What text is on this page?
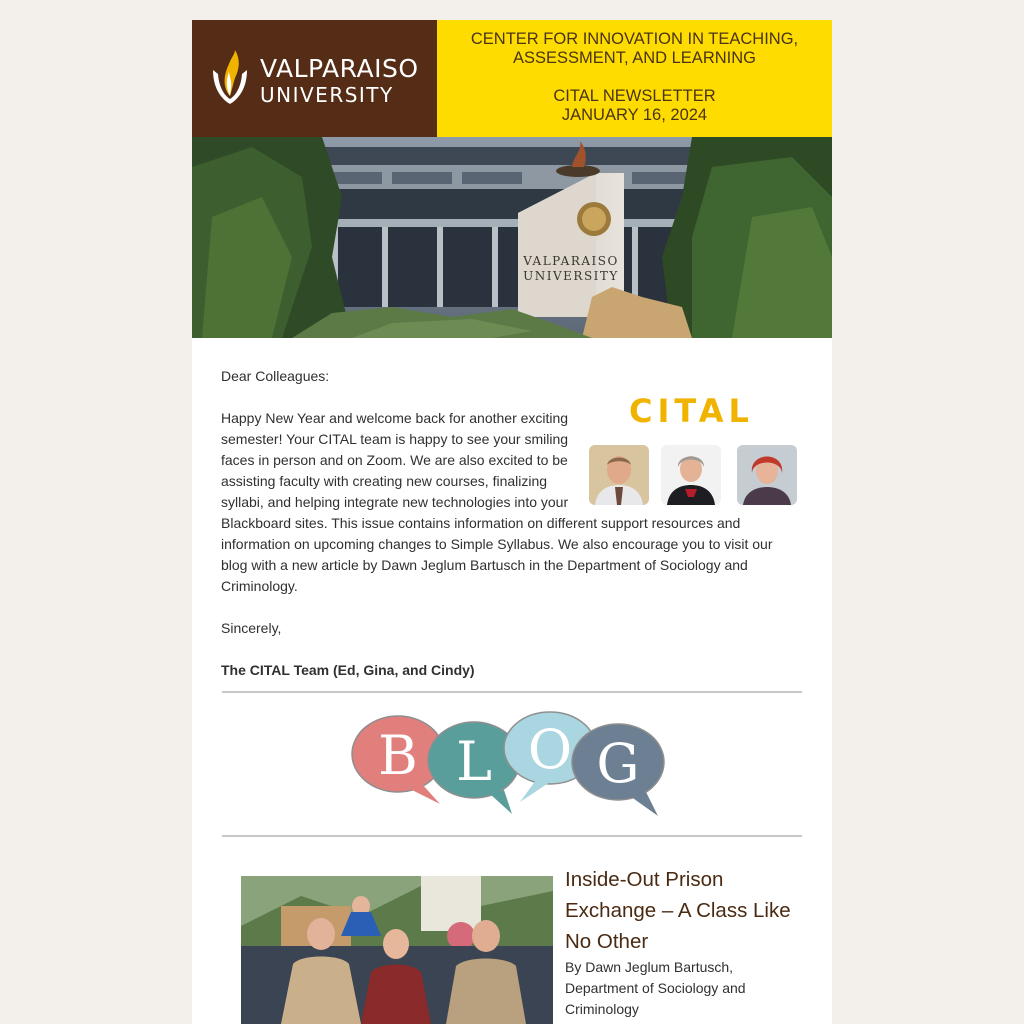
VALPARAISO
UNIVERSITY
CENTER FOR INNOVATION IN TEACHING,
ASSESSMENT, AND LEARNING
CITAL NEWSLETTER
JANUARY 16, 2024
VALPARAISO
UNIVERSITY

Dear Colleagues:

CITAL

Happy New Year and welcome back for another exciting semester! Your CITAL team is happy to see your smiling faces in person and on Zoom. We are also excited to be assisting faculty with creating new courses, finalizing syllabi, and helping integrate new technologies into your Blackboard sites. This issue contains information on different support resources and information on upcoming changes to Simple Syllabus. We also encourage you to visit our blog with a new article by Dawn Jeglum Bartusch in the Department of Sociology and Criminology.

Sincerely,

The CITAL Team (Ed, Gina, and Cindy)

B L O G
Inside-Out Prison Exchange – A Class Like No Other
By Dawn Jeglum Bartusch, Department of Sociology and Criminology
